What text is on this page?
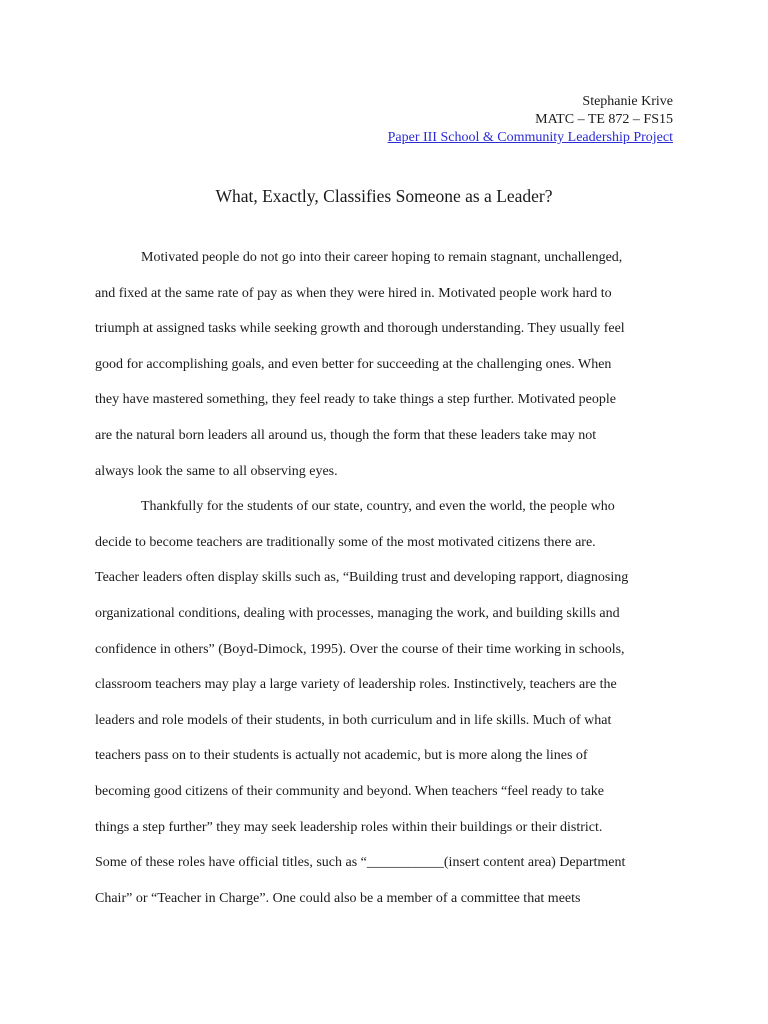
Stephanie Krive
MATC – TE 872 – FS15
Paper III School & Community Leadership Project
What, Exactly, Classifies Someone as a Leader?
Motivated people do not go into their career hoping to remain stagnant, unchallenged,
and fixed at the same rate of pay as when they were hired in. Motivated people work hard to
triumph at assigned tasks while seeking growth and thorough understanding. They usually feel
good for accomplishing goals, and even better for succeeding at the challenging ones. When
they have mastered something, they feel ready to take things a step further. Motivated people
are the natural born leaders all around us, though the form that these leaders take may not
always look the same to all observing eyes.
Thankfully for the students of our state, country, and even the world, the people who
decide to become teachers are traditionally some of the most motivated citizens there are.
Teacher leaders often display skills such as, “Building trust and developing rapport, diagnosing
organizational conditions, dealing with processes, managing the work, and building skills and
confidence in others” (Boyd-Dimock, 1995). Over the course of their time working in schools,
classroom teachers may play a large variety of leadership roles. Instinctively, teachers are the
leaders and role models of their students, in both curriculum and in life skills. Much of what
teachers pass on to their students is actually not academic, but is more along the lines of
becoming good citizens of their community and beyond. When teachers “feel ready to take
things a step further” they may seek leadership roles within their buildings or their district.
Some of these roles have official titles, such as “___________(insert content area) Department
Chair” or “Teacher in Charge”. One could also be a member of a committee that meets
